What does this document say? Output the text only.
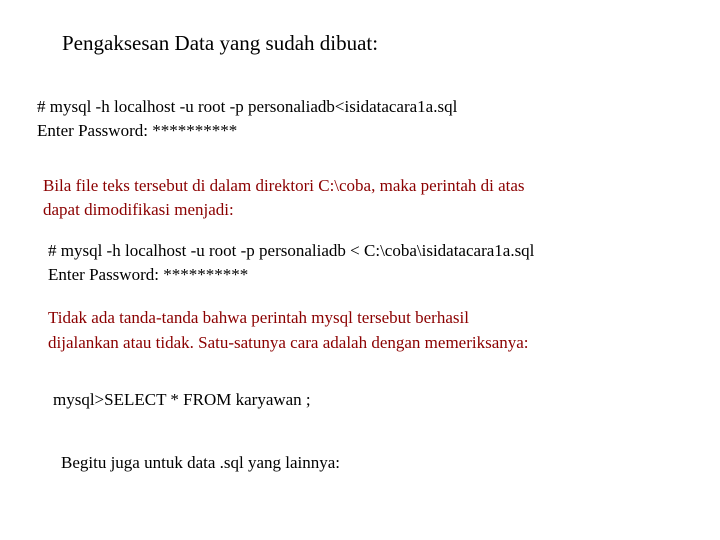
Pengaksesan Data yang sudah dibuat:
# mysql -h localhost -u root -p personaliadb<isidatacara1a.sql
Enter Password: **********
Bila file teks tersebut di dalam direktori C:\coba, maka perintah di atas
dapat dimodifikasi menjadi:
# mysql -h localhost -u root -p personaliadb < C:\coba\isidatacara1a.sql
Enter Password: **********
Tidak ada tanda-tanda bahwa perintah mysql tersebut berhasil
dijalankan atau tidak. Satu-satunya cara adalah dengan memeriksanya:
mysql>SELECT * FROM karyawan ;
Begitu juga untuk data .sql yang lainnya:
